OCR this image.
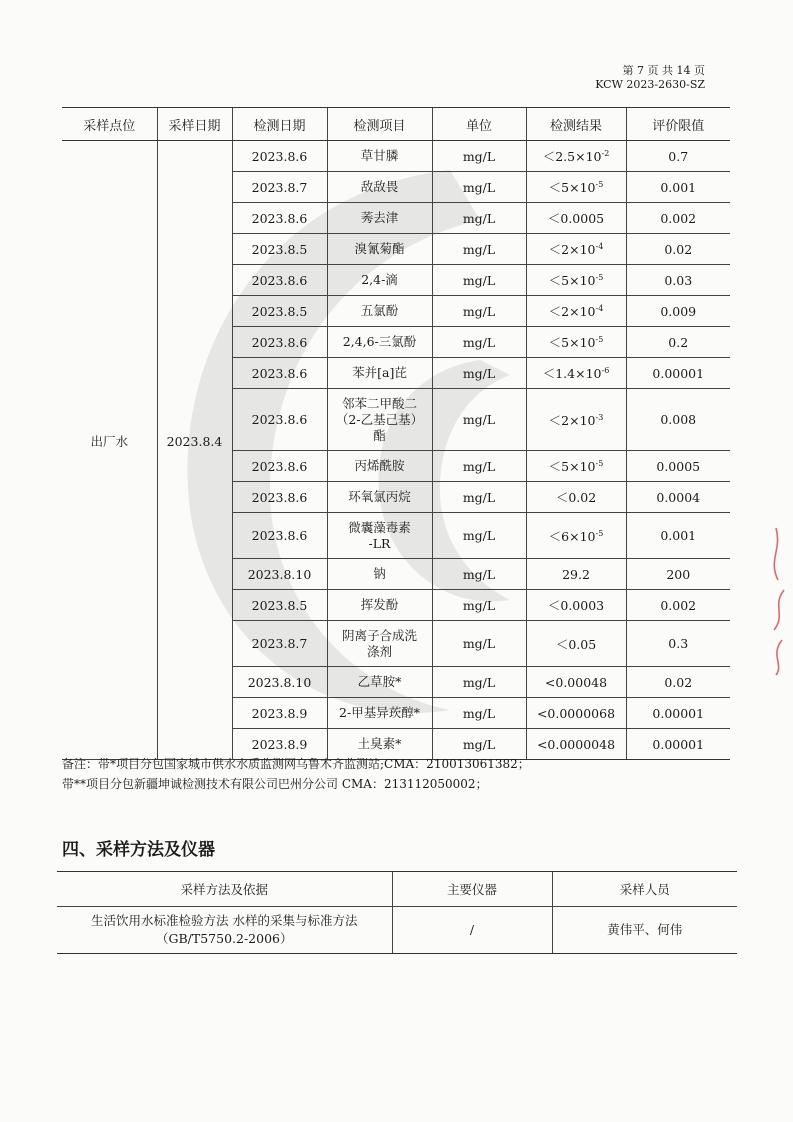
第 7 页 共 14 页
KCW 2023-2630-SZ
采样点位	采样日期	检测日期	检测项目	单位	检测结果	评价限值
出厂水	2023.8.4	2023.8.6	草甘膦	mg/L	$<2.5\times 10^{-2}$	0.7
		2023.8.7	敌敌畏	mg/L	$<5\times 10^{-5}$	0.001
		2023.8.6	莠去津	mg/L	＜0.0005	0.002
		2023.8.5	溴氰菊酯	mg/L	$<2\times 10^{-4}$	0.02
		2023.8.6	2,4-滴	mg/L	$<5\times 10^{-5}$	0.03
		2023.8.5	五氯酚	mg/L	$<2\times 10^{-4}$	0.009
		2023.8.6	2,4,6-三氯酚	mg/L	$<5\times 10^{-5}$	0.2
		2023.8.6	苯并[a]芘	mg/L	$<1.4\times 10^{-6}$	0.00001
		2023.8.6	邻苯二甲酸二
（2-乙基己基）
酯	mg/L	$<2\times 10^{-3}$	0.008
		2023.8.6	丙烯酰胺	mg/L	$<5\times 10^{-5}$	0.0005
		2023.8.6	环氧氯丙烷	mg/L	＜0.02	0.0004
		2023.8.6	微囊藻毒素
-LR	mg/L	$<6\times 10^{-5}$	0.001
		2023.8.10	钠	mg/L	29.2	200
		2023.8.5	挥发酚	mg/L	＜0.0003	0.002
		2023.8.7	阴离子合成洗
涤剂	mg/L	＜0.05	0.3
		2023.8.10	乙草胺*	mg/L	<0.00048	0.02
		2023.8.9	2-甲基异莰醇*	mg/L	<0.0000068	0.00001
		2023.8.9	土臭素*	mg/L	<0.0000048	0.00001
备注：带*项目分包国家城市供水水质监测网乌鲁木齐监测站;CMA：210013061382；
带**项目分包新疆坤诚检测技术有限公司巴州分公司 CMA：213112050002；
四、采样方法及仪器
采样方法及依据	主要仪器	采样人员

生活饮用水标准检验方法 水样的采集与标准方法
（GB/T5750.2-2006）	/	黄伟平、何伟
